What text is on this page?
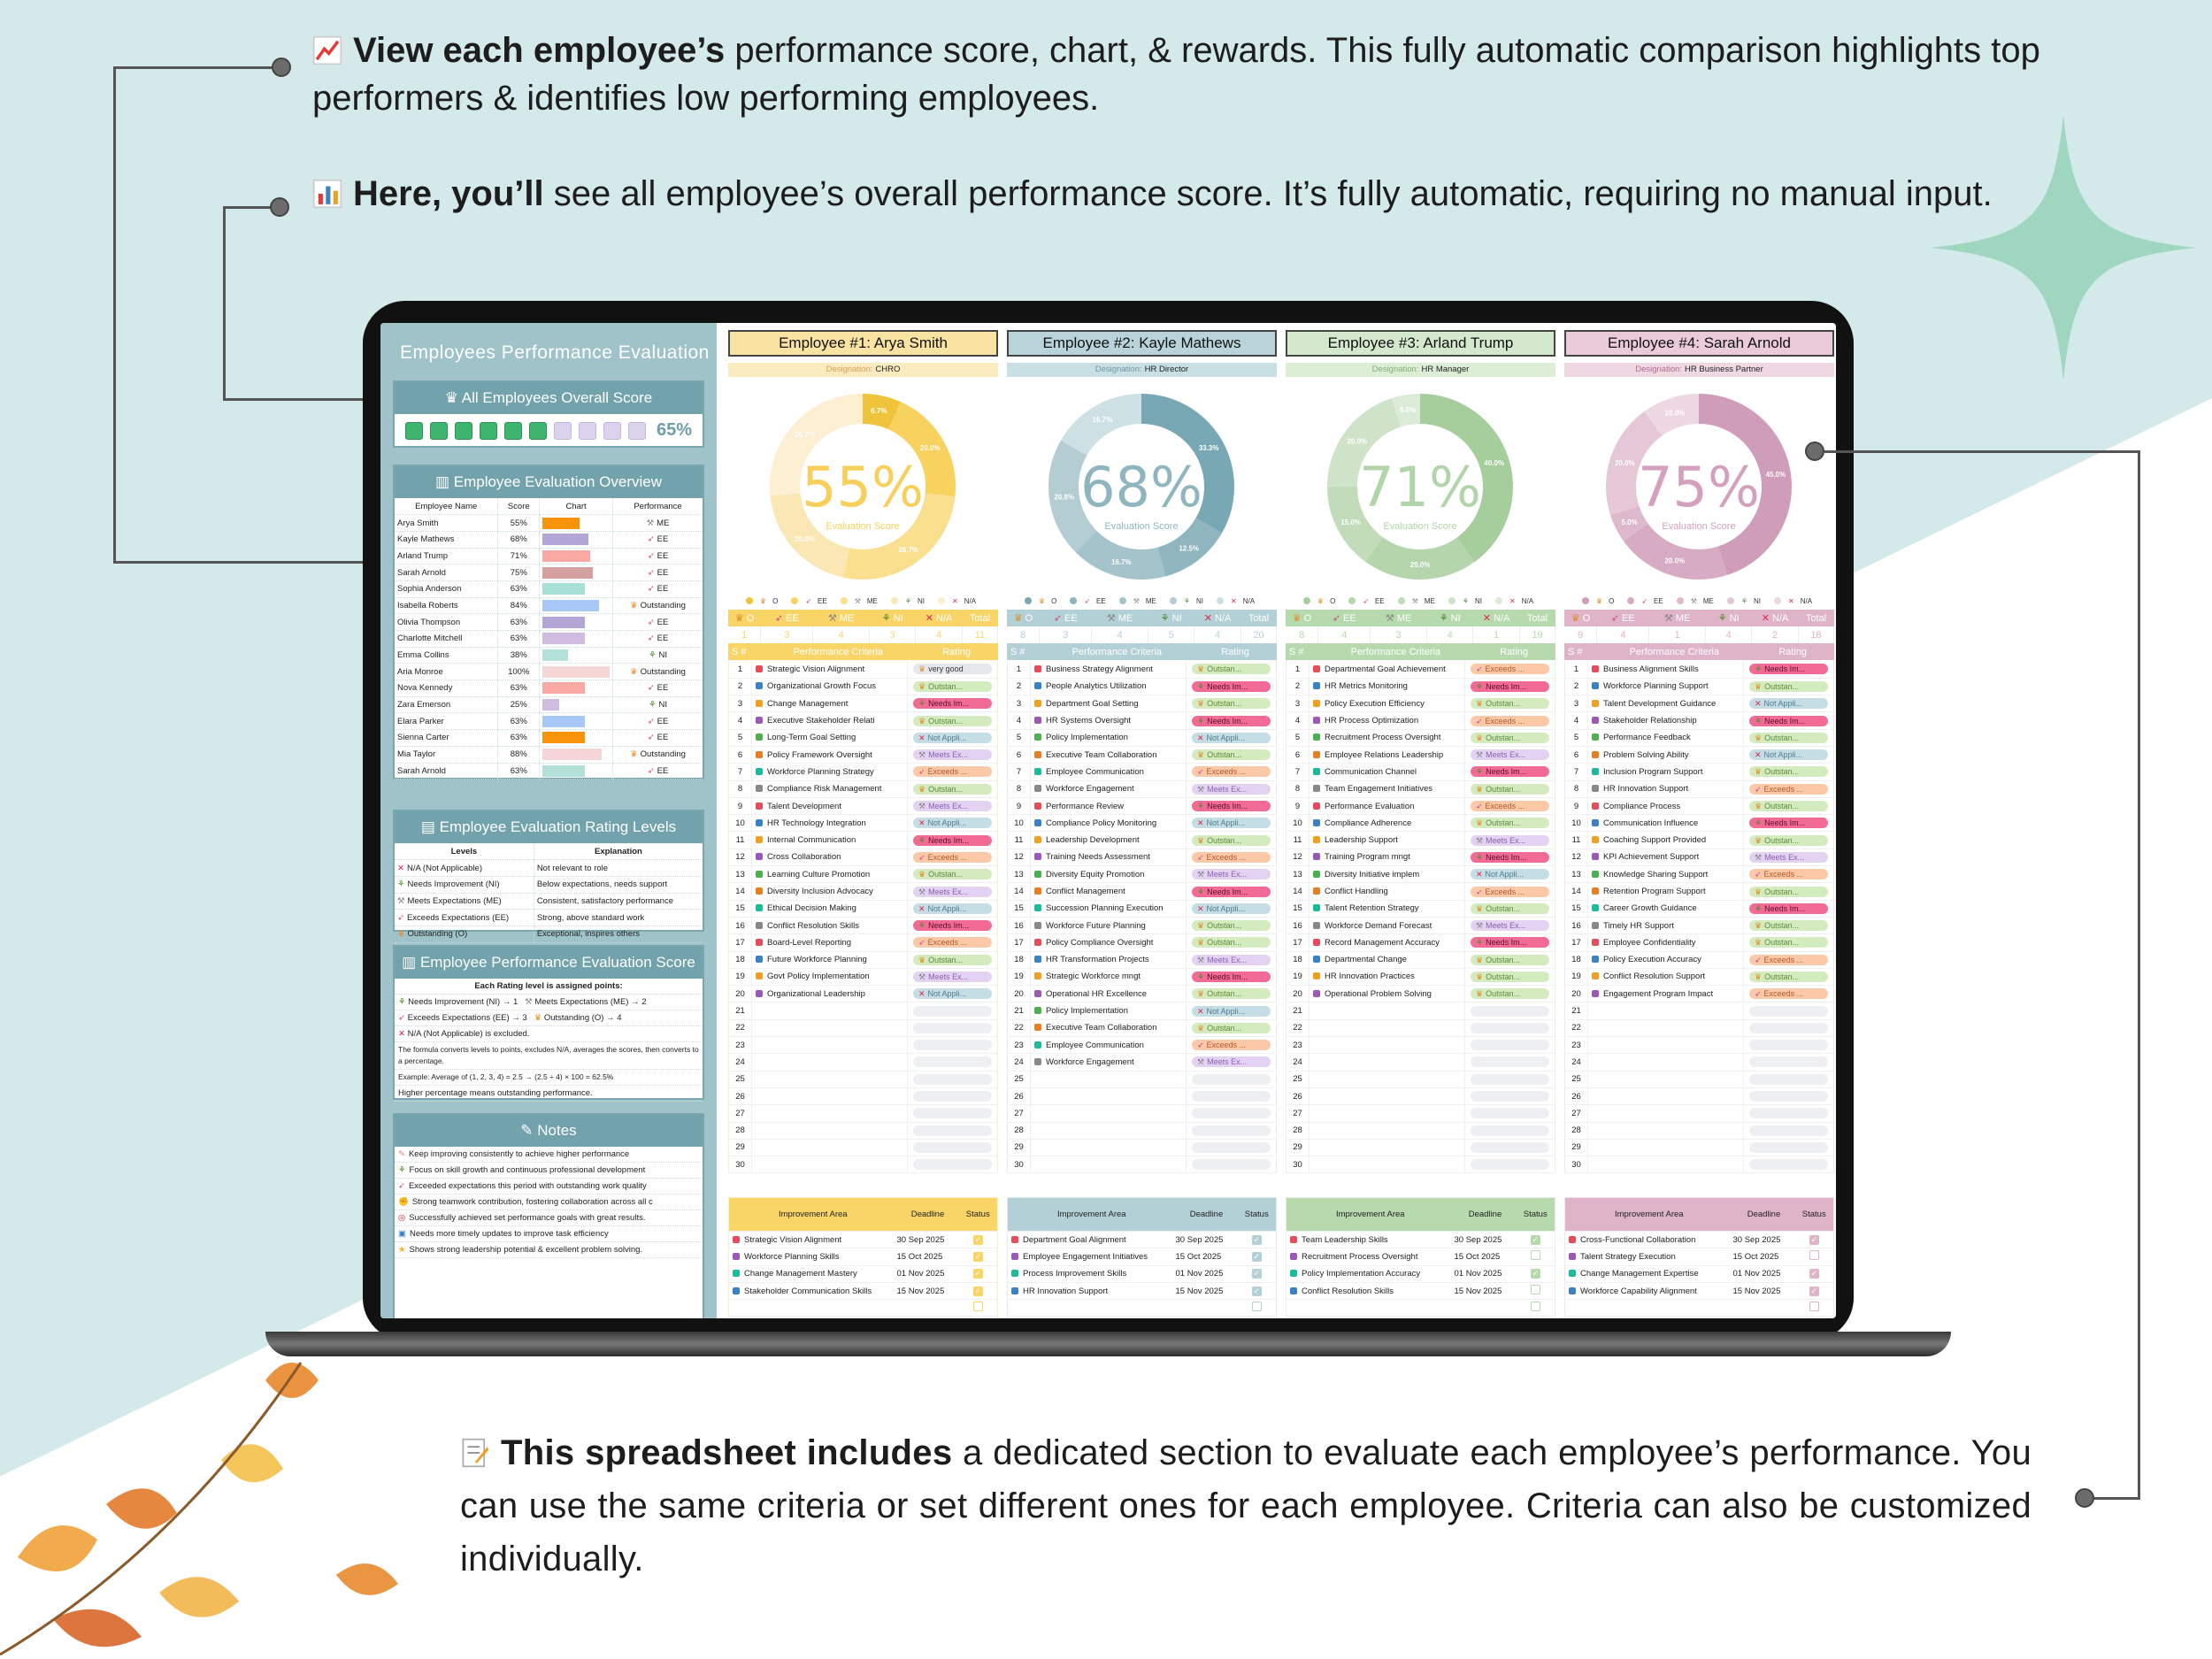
View each employee’s performance score, chart, & rewards. This fully automatic comparison highlights top performers & identifies low performing employees.
Here, you’ll see all employee’s overall performance score. It’s fully automatic, requiring no manual input.
Employees Performance Evaluation
♛ All Employees Overall Score
65%
▥ Employee Evaluation Overview
Employee Name	Score	Chart	Performance
Arya Smith	55%		⚒ ME
Kayle Mathews	68%		➶ EE
Arland Trump	71%		➶ EE
Sarah Arnold	75%		➶ EE
Sophia Anderson	63%		➶ EE
Isabella Roberts	84%		♛ Outstanding
Olivia Thompson	63%		➶ EE
Charlotte Mitchell	63%		➶ EE
Emma Collins	38%		⚘ NI
Aria Monroe	100%		♛ Outstanding
Nova Kennedy	63%		➶ EE
Zara Emerson	25%		⚘ NI
Elara Parker	63%		➶ EE
Sienna Carter	63%		➶ EE
Mia Taylor	88%		♛ Outstanding
Sarah Arnold	63%		➶ EE
▤ Employee Evaluation Rating Levels
Levels	Explanation
✕ N/A (Not Applicable)	Not relevant to role
⚘ Needs Improvement (NI)	Below expectations, needs support
⚒ Meets Expectations (ME)	Consistent, satisfactory performance
➶ Exceeds Expectations (EE)	Strong, above standard work
♛ Outstanding (O)	Exceptional, inspires others
▥ Employee Performance Evaluation Score
Each Rating level is assigned points:
⚘ Needs Improvement (NI) → 1 ⚒ Meets Expectations (ME) → 2
➶ Exceeds Expectations (EE) → 3 ♛ Outstanding (O) → 4
✕ N/A (Not Applicable) is excluded.
The formula converts levels to points, excludes N/A, averages the scores, then converts to a percentage.
Example: Average of (1, 2, 3, 4) = 2.5 → (2.5 ÷ 4) × 100 = 62.5%
Higher percentage means outstanding performance.
✎ Notes
✎ Keep improving consistently to achieve higher performance
⚘ Focus on skill growth and continuous professional development
➶ Exceeded expectations this period with outstanding work quality
✊ Strong teamwork contribution, fostering collaboration across all c
◎ Successfully achieved set performance goals with great results.
▣ Needs more timely updates to improve task efficiency
★ Shows strong leadership potential & excellent problem solving.
Employee #1: Arya Smith
Designation: CHRO
6.7%
20.0%
26.7%
20.0%
26.7%
55%
Evaluation Score
♛ O	➶ EE	⚒ ME	⚘ NI	✕ N/A
♛ O	➶ EE	⚒ ME	⚘ NI	✕ N/A	Total
1	3	4	3	4	11
S #	Performance Criteria			Rating	
1	Strategic Vision Alignment	♛ very good

2	Organizational Growth Focus	♛ Outstan...

3	Change Management	⚘ Needs Im...

4	Executive Stakeholder Relati	♛ Outstan...

5	Long-Term Goal Setting	✕ Not Appli...

6	Policy Framework Oversight	⚒ Meets Ex...

7	Workforce Planning Strategy	➶ Exceeds ...

8	Compliance Risk Management	♛ Outstan...

9	Talent Development	⚒ Meets Ex...

10	HR Technology Integration	✕ Not Appli...

11	Internal Communication	⚘ Needs Im...

12	Cross Collaboration	➶ Exceeds ...

13	Learning Culture Promotion	♛ Outstan...

14	Diversity Inclusion Advocacy	⚒ Meets Ex...

15	Ethical Decision Making	✕ Not Appli...

16	Conflict Resolution Skills	⚘ Needs Im...

17	Board-Level Reporting	➶ Exceeds ...

18	Future Workforce Planning	♛ Outstan...

19	Govt Policy Implementation	⚒ Meets Ex...

20	Organizational Leadership	✕ Not Appli...

21		

22		

23		

24		

25		

26		

27		

28		

29		

30		
Improvement Area	Deadline	Status
Strategic Vision Alignment	30 Sep 2025	✓
Workforce Planning Skills	15 Oct 2025	✓
Change Management Mastery	01 Nov 2025	✓
Stakeholder Communication Skills	15 Nov 2025	✓

Employee #2: Kayle Mathews
Designation: HR Director
33.3%
12.5%
16.7%
20.8%
16.7%
68%
Evaluation Score
♛ O	➶ EE	⚒ ME	⚘ NI	✕ N/A
♛ O	➶ EE	⚒ ME	⚘ NI	✕ N/A	Total
8	3	4	5	4	20
S #	Performance Criteria			Rating	
1	Business Strategy Alignment	♛ Outstan...

2	People Analytics Utilization	⚘ Needs Im...

3	Department Goal Setting	♛ Outstan...

4	HR Systems Oversight	⚘ Needs Im...

5	Policy Implementation	✕ Not Appli...

6	Executive Team Collaboration	♛ Outstan...

7	Employee Communication	➶ Exceeds ...

8	Workforce Engagement	⚒ Meets Ex...

9	Performance Review	⚘ Needs Im...

10	Compliance Policy Monitoring	✕ Not Appli...

11	Leadership Development	♛ Outstan...

12	Training Needs Assessment	➶ Exceeds ...

13	Diversity Equity Promotion	⚒ Meets Ex...

14	Conflict Management	⚘ Needs Im...

15	Succession Planning Execution	✕ Not Appli...

16	Workforce Future Planning	♛ Outstan...

17	Policy Compliance Oversight	♛ Outstan...

18	HR Transformation Projects	⚒ Meets Ex...

19	Strategic Workforce mngt	⚘ Needs Im...

20	Operational HR Excellence	♛ Outstan...

21	Policy Implementation	✕ Not Appli...

22	Executive Team Collaboration	♛ Outstan...

23	Employee Communication	➶ Exceeds ...

24	Workforce Engagement	⚒ Meets Ex...

25		

26		

27		

28		

29		

30		
Improvement Area	Deadline	Status
Department Goal Alignment	30 Sep 2025	✓
Employee Engagement Initiatives	15 Oct 2025	✓
Process Improvement Skills	01 Nov 2025	✓
HR Innovation Support	15 Nov 2025	✓

Employee #3: Arland Trump
Designation: HR Manager
40.0%
20.0%
15.0%
20.0%
5.0%
71%
Evaluation Score
♛ O	➶ EE	⚒ ME	⚘ NI	✕ N/A
♛ O	➶ EE	⚒ ME	⚘ NI	✕ N/A	Total
8	4	3	4	1	19
S #	Performance Criteria			Rating	
1	Departmental Goal Achievement	➶ Exceeds ...

2	HR Metrics Monitoring	⚘ Needs Im...

3	Policy Execution Efficiency	♛ Outstan...

4	HR Process Optimization	➶ Exceeds ...

5	Recruitment Process Oversight	♛ Outstan...

6	Employee Relations Leadership	⚒ Meets Ex...

7	Communication Channel	⚘ Needs Im...

8	Team Engagement Initiatives	♛ Outstan...

9	Performance Evaluation	➶ Exceeds ...

10	Compliance Adherence	♛ Outstan...

11	Leadership Support	⚒ Meets Ex...

12	Training Program mngt	⚘ Needs Im...

13	Diversity Initiative implem	✕ Not Appli...

14	Conflict Handling	➶ Exceeds ...

15	Talent Retention Strategy	♛ Outstan...

16	Workforce Demand Forecast	⚒ Meets Ex...

17	Record Management Accuracy	⚘ Needs Im...

18	Departmental Change	♛ Outstan...

19	HR Innovation Practices	♛ Outstan...

20	Operational Problem Solving	♛ Outstan...

21		

22		

23		

24		

25		

26		

27		

28		

29		

30		
Improvement Area	Deadline	Status
Team Leadership Skills	30 Sep 2025	✓
Recruitment Process Oversight	15 Oct 2025	
Policy Implementation Accuracy	01 Nov 2025	✓
Conflict Resolution Skills	15 Nov 2025	

Employee #4: Sarah Arnold
Designation: HR Business Partner
45.0%
20.0%
5.0%
20.0%
10.0%
75%
Evaluation Score
♛ O	➶ EE	⚒ ME	⚘ NI	✕ N/A
♛ O	➶ EE	⚒ ME	⚘ NI	✕ N/A	Total
9	4	1	4	2	18
S #	Performance Criteria			Rating	
1	Business Alignment Skills	⚘ Needs Im...

2	Workforce Planning Support	♛ Outstan...

3	Talent Development Guidance	✕ Not Appli...

4	Stakeholder Relationship	⚘ Needs Im...

5	Performance Feedback	♛ Outstan...

6	Problem Solving Ability	✕ Not Appli...

7	Inclusion Program Support	♛ Outstan...

8	HR Innovation Support	➶ Exceeds ...

9	Compliance Process	♛ Outstan...

10	Communication Influence	⚘ Needs Im...

11	Coaching Support Provided	♛ Outstan...

12	KPI Achievement Support	⚒ Meets Ex...

13	Knowledge Sharing Support	➶ Exceeds ...

14	Retention Program Support	♛ Outstan...

15	Career Growth Guidance	⚘ Needs Im...

16	Timely HR Support	♛ Outstan...

17	Employee Confidentiality	♛ Outstan...

18	Policy Execution Accuracy	➶ Exceeds ...

19	Conflict Resolution Support	♛ Outstan...

20	Engagement Program Impact	➶ Exceeds ...

21		

22		

23		

24		

25		

26		

27		

28		

29		

30		
Improvement Area	Deadline	Status
Cross-Functional Collaboration	30 Sep 2025	✓
Talent Strategy Execution	15 Oct 2025	
Change Management Expertise	01 Nov 2025	✓
Workforce Capability Alignment	15 Nov 2025	✓

This spreadsheet includes a dedicated section to evaluate each employee’s performance. You can use the same criteria or set different ones for each employee. Criteria can also be customized individually.
